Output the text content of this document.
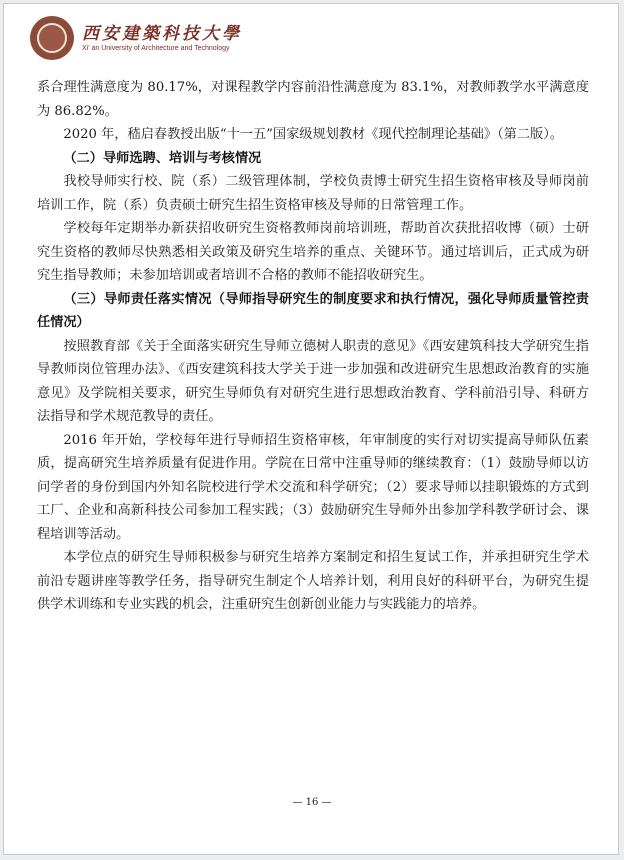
西安建築科技大學
Xi' an University of Architecture and Technology

系合理性满意度为 80.17%，对课程教学内容前沿性满意度为 83.1%，对教师教学水平满意度为 86.82%。

2020 年，嵇启春教授出版“十一五”国家级规划教材《现代控制理论基础》（第二版）。

（二）导师选聘、培训与考核情况

我校导师实行校、院（系）二级管理体制，学校负责博士研究生招生资格审核及导师岗前培训工作，院（系）负责硕士研究生招生资格审核及导师的日常管理工作。

学校每年定期举办新获招收研究生资格教师岗前培训班，帮助首次获批招收博（硕）士研究生资格的教师尽快熟悉相关政策及研究生培养的重点、关键环节。通过培训后，正式成为研究生指导教师；未参加培训或者培训不合格的教师不能招收研究生。

（三）导师责任落实情况（导师指导研究生的制度要求和执行情况，强化导师质量管控责任情况）

按照教育部《关于全面落实研究生导师立德树人职责的意见》《西安建筑科技大学研究生指导教师岗位管理办法》、《西安建筑科技大学关于进一步加强和改进研究生思想政治教育的实施意见》及学院相关要求，研究生导师负有对研究生进行思想政治教育、学科前沿引导、科研方法指导和学术规范教导的责任。

2016 年开始，学校每年进行导师招生资格审核，年审制度的实行对切实提高导师队伍素质，提高研究生培养质量有促进作用。学院在日常中注重导师的继续教育：（1）鼓励导师以访问学者的身份到国内外知名院校进行学术交流和科学研究；（2）要求导师以挂职锻炼的方式到工厂、企业和高新科技公司参加工程实践；（3）鼓励研究生导师外出参加学科教学研讨会、课程培训等活动。

本学位点的研究生导师积极参与研究生培养方案制定和招生复试工作，并承担研究生学术前沿专题讲座等教学任务，指导研究生制定个人培养计划，利用良好的科研平台，为研究生提供学术训练和专业实践的机会，注重研究生创新创业能力与实践能力的培养。

— 16 —
